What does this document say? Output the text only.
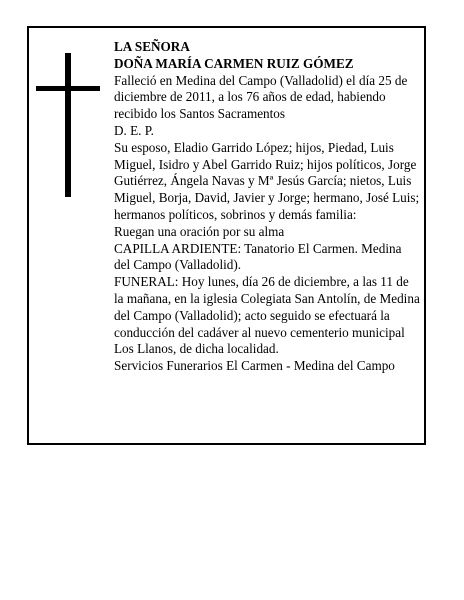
LA SEÑORA

DOÑA MARÍA CARMEN RUIZ GÓMEZ

Falleció en Medina del Campo (Valladolid) el día 25 de diciembre de 2011, a los 76 años de edad, habiendo recibido los Santos Sacramentos

D. E. P.

Su esposo, Eladio Garrido López; hijos, Piedad, Luis Miguel, Isidro y Abel Garrido Ruiz; hijos políticos, Jorge Gutiérrez, Ángela Navas y Mª Jesús García; nietos, Luis Miguel, Borja, David, Javier y Jorge; hermano, José Luis; hermanos políticos, sobrinos y demás familia:

Ruegan una oración por su alma

CAPILLA ARDIENTE: Tanatorio El Carmen. Medina del Campo (Valladolid).

FUNERAL: Hoy lunes, día 26 de diciembre, a las 11 de la mañana, en la iglesia Colegiata San Antolín, de Medina del Campo (Valladolid); acto seguido se efectuará la conducción del cadáver al nuevo cementerio municipal Los Llanos, de dicha localidad.

Servicios Funerarios El Carmen - Medina del Campo
